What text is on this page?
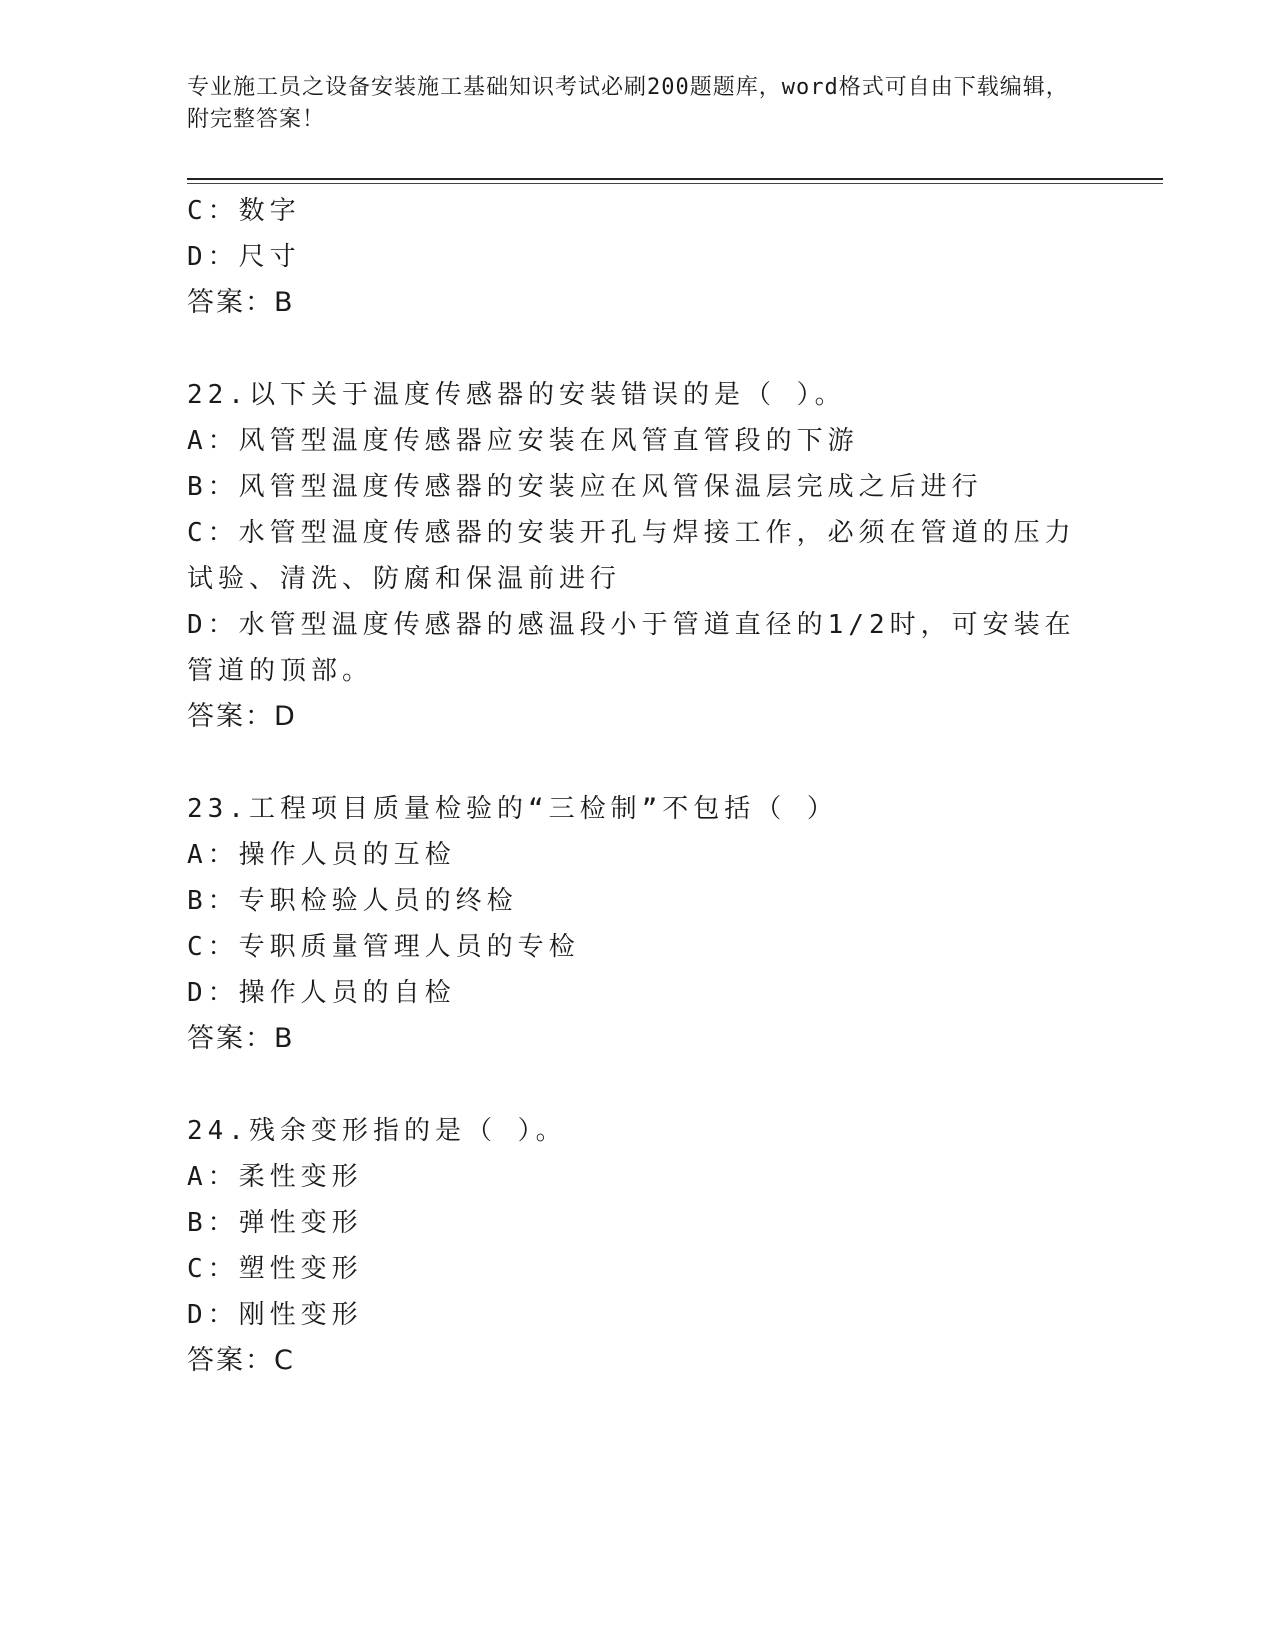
专业施工员之设备安装施工基础知识考试必刷200题题库，word格式可自由下载编辑，附完整答案！
C：数字
D：尺寸
答案：B
22.以下关于温度传感器的安装错误的是（ ）。
A：风管型温度传感器应安装在风管直管段的下游
B：风管型温度传感器的安装应在风管保温层完成之后进行
C：水管型温度传感器的安装开孔与焊接工作，必须在管道的压力试验、清洗、防腐和保温前进行
D：水管型温度传感器的感温段小于管道直径的1/2时，可安装在管道的顶部。
答案：D
23.工程项目质量检验的“三检制”不包括（ ）
A：操作人员的互检
B：专职检验人员的终检
C：专职质量管理人员的专检
D：操作人员的自检
答案：B
24.残余变形指的是（ ）。
A：柔性变形
B：弹性变形
C：塑性变形
D：刚性变形
答案：C
